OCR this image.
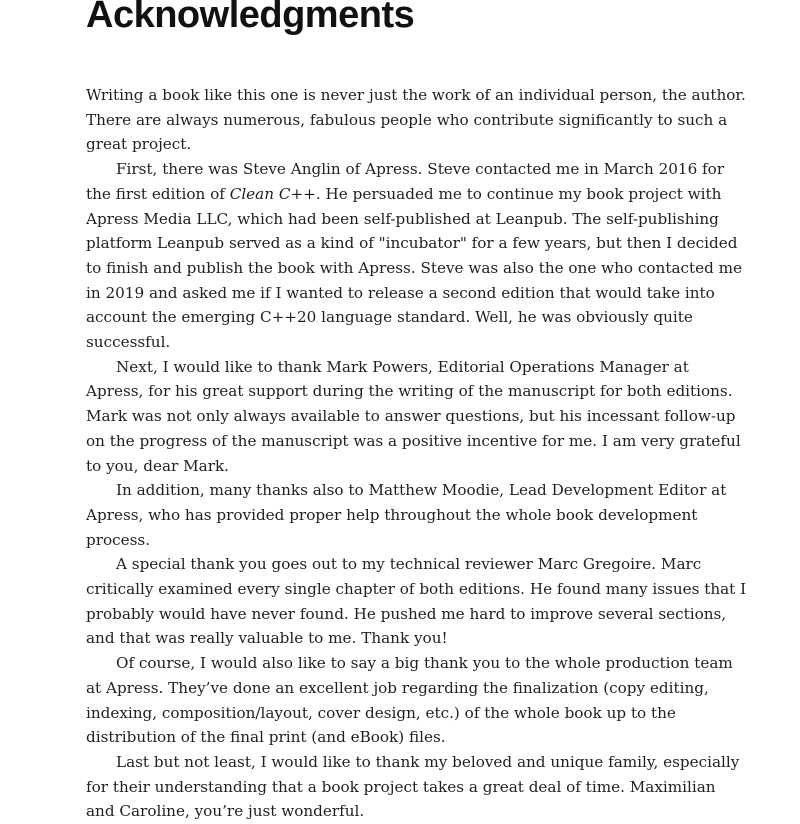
Acknowledgments

Writing a book like this one is never just the work of an individual person, the author. There are always numerous, fabulous people who contribute significantly to such a great project.

First, there was Steve Anglin of Apress. Steve contacted me in March 2016 for the first edition of Clean C++. He persuaded me to continue my book project with Apress Media LLC, which had been self-published at Leanpub. The self-publishing platform Leanpub served as a kind of "incubator" for a few years, but then I decided to finish and publish the book with Apress. Steve was also the one who contacted me in 2019 and asked me if I wanted to release a second edition that would take into account the emerging C++20 language standard. Well, he was obviously quite successful.

Next, I would like to thank Mark Powers, Editorial Operations Manager at Apress, for his great support during the writing of the manuscript for both editions. Mark was not only always available to answer questions, but his incessant follow-up on the progress of the manuscript was a positive incentive for me. I am very grateful to you, dear Mark.

In addition, many thanks also to Matthew Moodie, Lead Development Editor at Apress, who has provided proper help throughout the whole book development process.

A special thank you goes out to my technical reviewer Marc Gregoire. Marc critically examined every single chapter of both editions. He found many issues that I probably would have never found. He pushed me hard to improve several sections, and that was really valuable to me. Thank you!

Of course, I would also like to say a big thank you to the whole production team at Apress. They’ve done an excellent job regarding the finalization (copy editing, indexing, composition/layout, cover design, etc.) of the whole book up to the distribution of the final print (and eBook) files.

Last but not least, I would like to thank my beloved and unique family, especially for their understanding that a book project takes a great deal of time. Maximilian and Caroline, you’re just wonderful.
